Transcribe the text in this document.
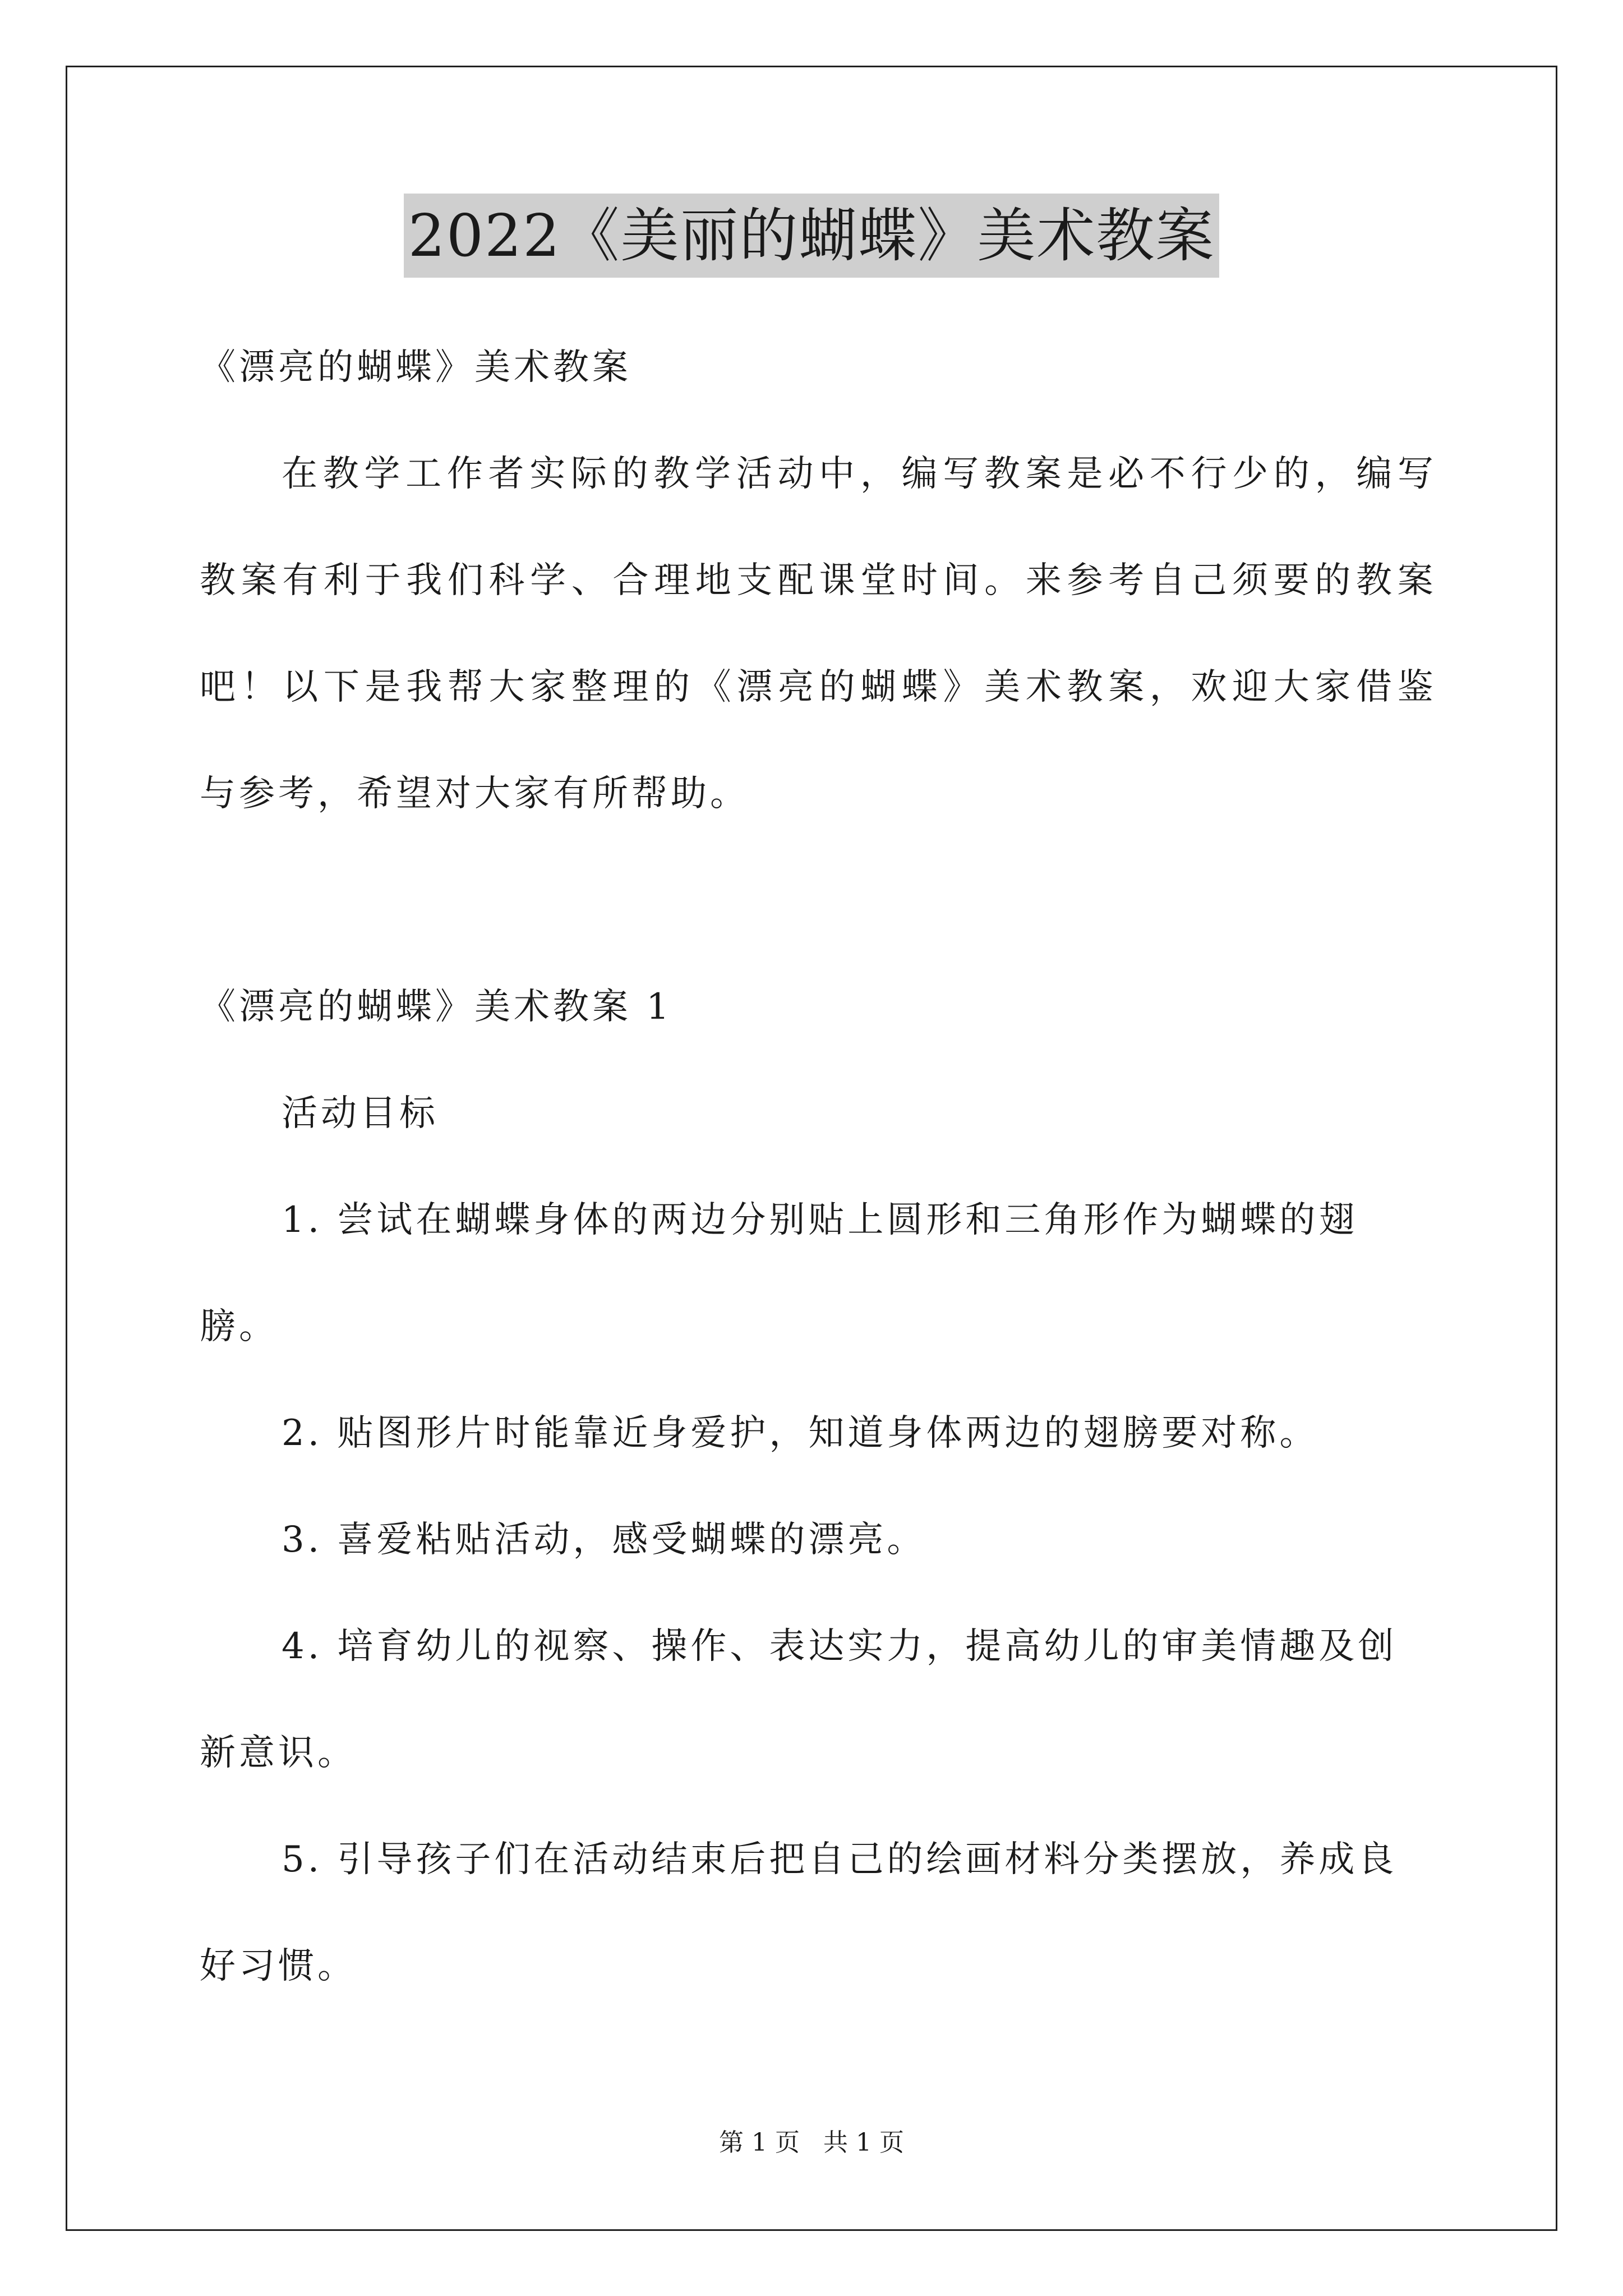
2022《美丽的蝴蝶》美术教案
《漂亮的蝴蝶》美术教案
在 教 学 工 作 者 实 际 的 教 学 活 动 中 ， 编 写 教 案 是 必 不 行 少 的 ， 编 写
教 案 有 利 于 我 们 科 学 、 合 理 地 支 配 课 堂 时 间 。 来 参 考 自 己 须 要 的 教 案
吧 ！ 以 下 是 我 帮 大 家 整 理 的 《 漂 亮 的 蝴 蝶 》 美 术 教 案 ， 欢 迎 大 家 借 鉴
与参考，希望对大家有所帮助。
《漂亮的蝴蝶》美术教案 1
活动目标
1. 尝试在蝴蝶身体的两边分别贴上圆形和三角形作为蝴蝶的翅
膀。
2. 贴图形片时能靠近身爱护，知道身体两边的翅膀要对称。
3. 喜爱粘贴活动，感受蝴蝶的漂亮。
4. 培育幼儿的视察、操作、表达实力，提高幼儿的审美情趣及创
新意识。
5. 引导孩子们在活动结束后把自己的绘画材料分类摆放，养成良
好习惯。
第 1 页 共 1 页
